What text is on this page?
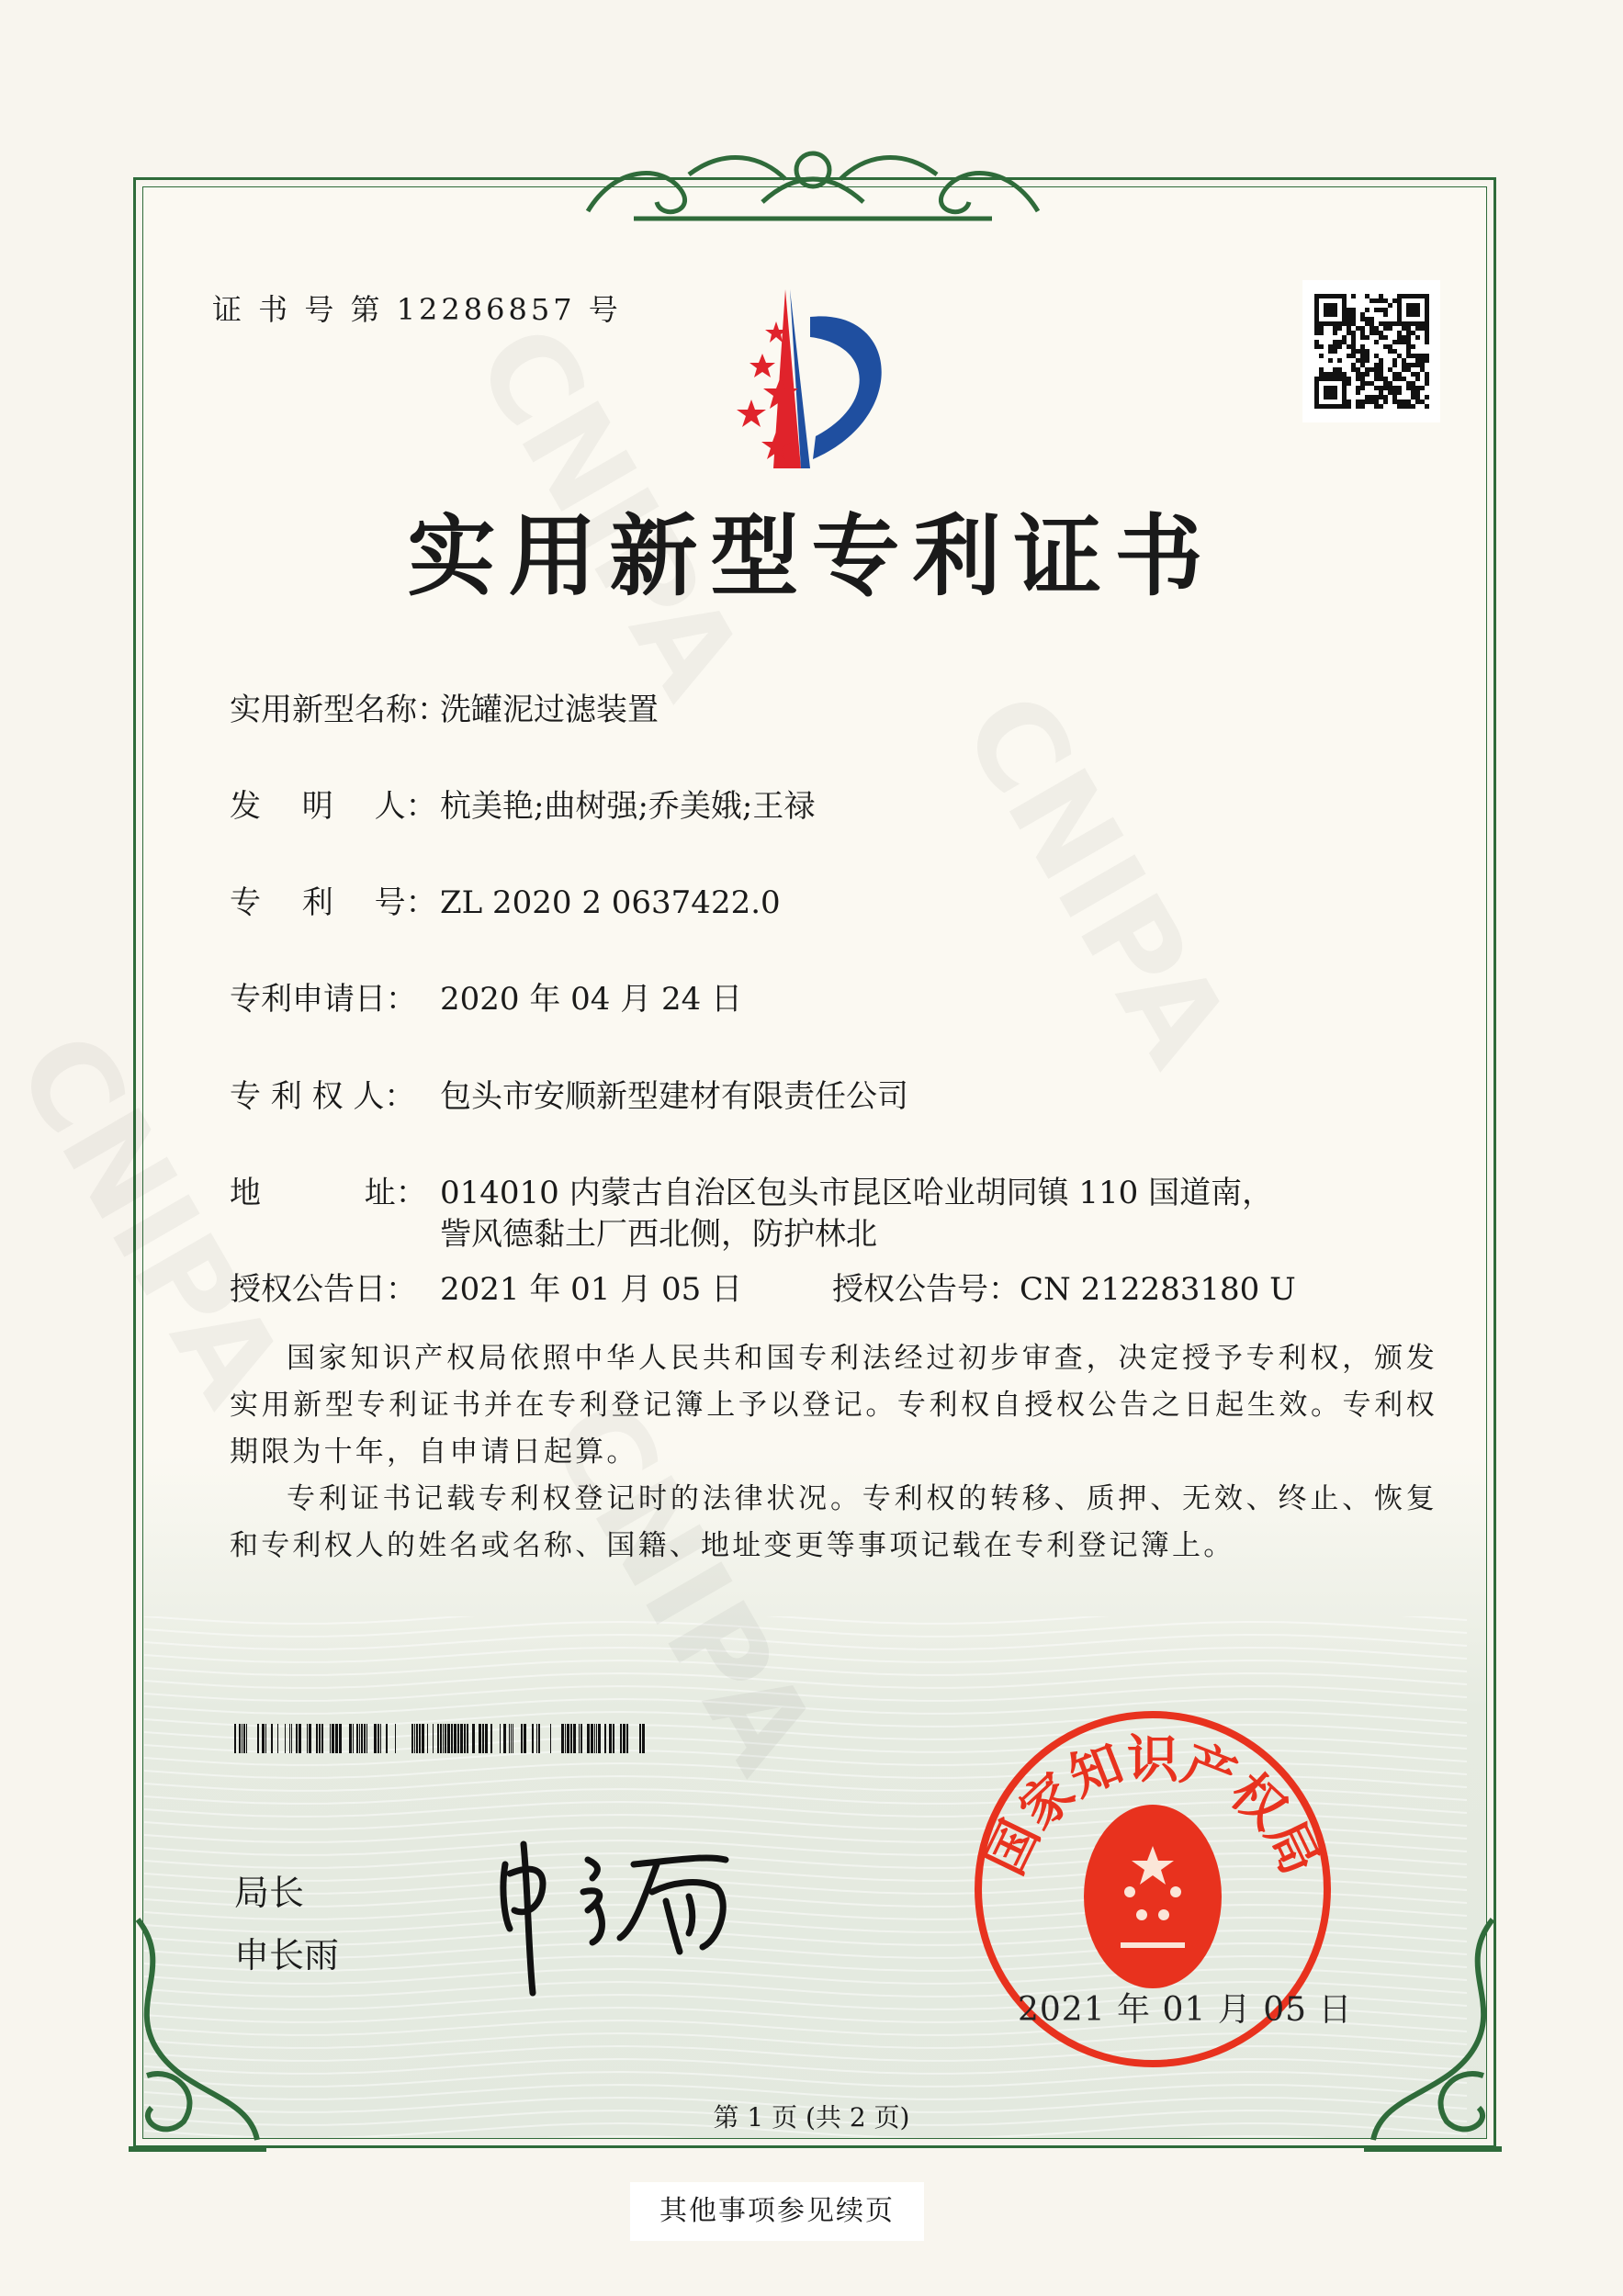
证 书 号 第 12286857 号
实用新型专利证书
实用新型名称：洗罐泥过滤装置
发　 明　 人：杭美艳;曲树强;乔美娥;王禄
专　 利　 号：ZL 2020 2 0637422.0
专利申请日： 2020 年 04 月 24 日
专 利 权 人： 包头市安顺新型建材有限责任公司
地　　　 址： 014010 内蒙古自治区包头市昆区哈业胡同镇 110 国道南，
訾风德黏土厂西北侧，防护林北
授权公告日： 2021 年 01 月 05 日	授权公告号：CN 212283180 U

国家知识产权局依照中华人民共和国专利法经过初步审查，决定授予专利权，颁发实用新型专利证书并在专利登记簿上予以登记。专利权自授权公告之日起生效。专利权期限为十年，自申请日起算。

专利证书记载专利权登记时的法律状况。专利权的转移、质押、无效、终止、恢复和专利权人的姓名或名称、国籍、地址变更等事项记载在专利登记簿上。

局长
申长雨
国家知识产权局
2021 年 01 月 05 日
第 1 页 (共 2 页)
其他事项参见续页
